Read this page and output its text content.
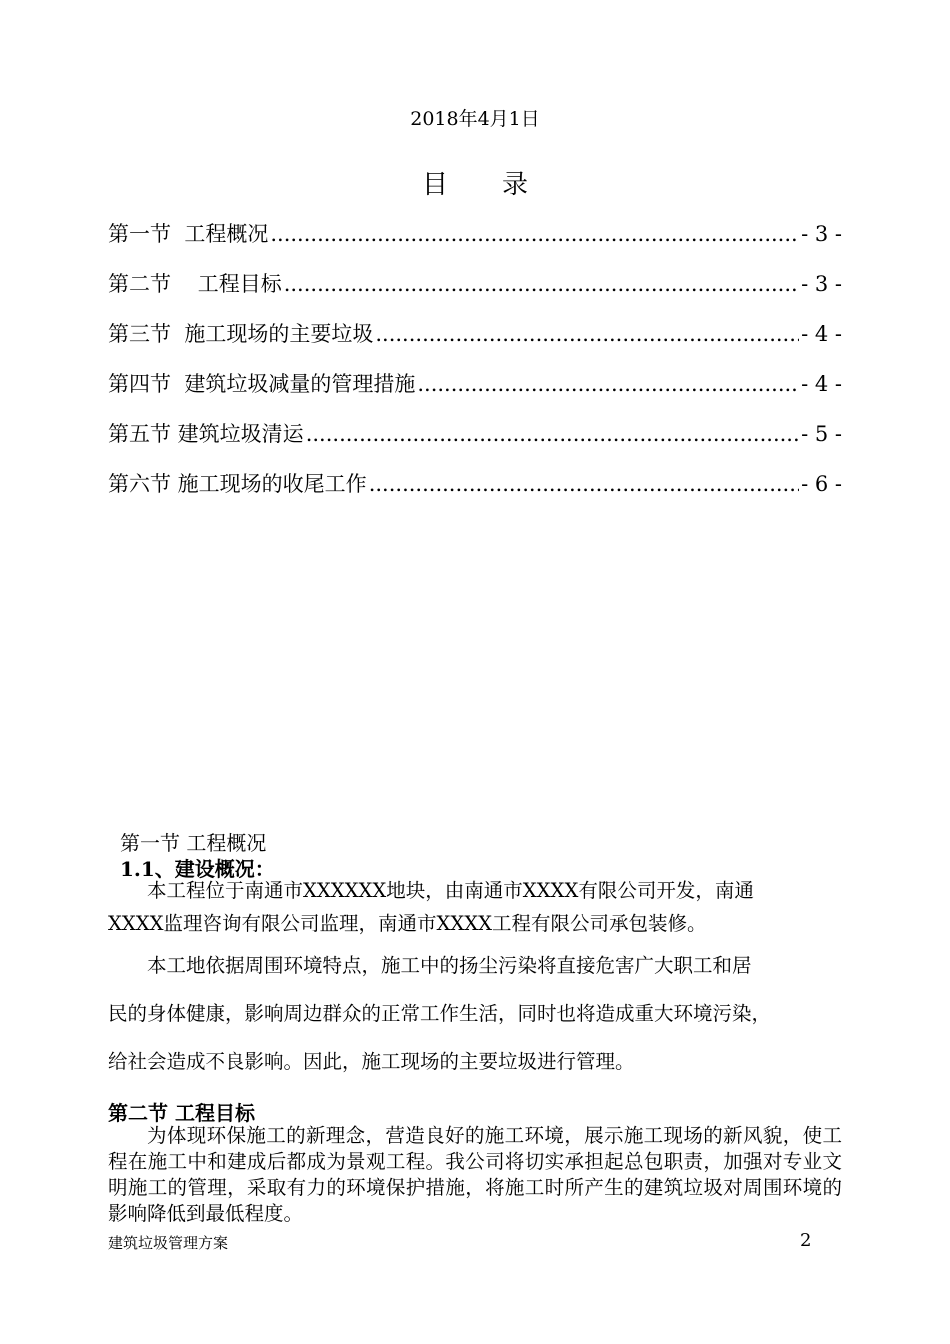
2018年4月1日
目录
第一节  工程概况 .....	- 3 -
第二节    工程目标 .....	- 3 -
第三节  施工现场的主要垃圾 .....	- 4 -
第四节  建筑垃圾减量的管理措施 .....	- 4 -
第五节 建筑垃圾清运 .....	- 5 -
第六节 施工现场的收尾工作 .....	- 6 -
第一节 工程概况
1.1、建设概况：
本工程位于南通市XXXXXX地块，由南通市XXXX有限公司开发，南通
XXXX监理咨询有限公司监理，南通市XXXX工程有限公司承包装修。
本工地依据周围环境特点，施工中的扬尘污染将直接危害广大职工和居
民的身体健康，影响周边群众的正常工作生活，同时也将造成重大环境污染，
给社会造成不良影响。因此，施工现场的主要垃圾进行管理。
第二节 工程目标
为体现环保施工的新理念，营造良好的施工环境，展示施工现场的新风貌，使工程在施工中和建成后都成为景观工程。我公司将切实承担起总包职责，加强对专业文明施工的管理，采取有力的环境保护措施，将施工时所产生的建筑垃圾对周围环境的影响降低到最低程度。
建筑垃圾管理方案	2
